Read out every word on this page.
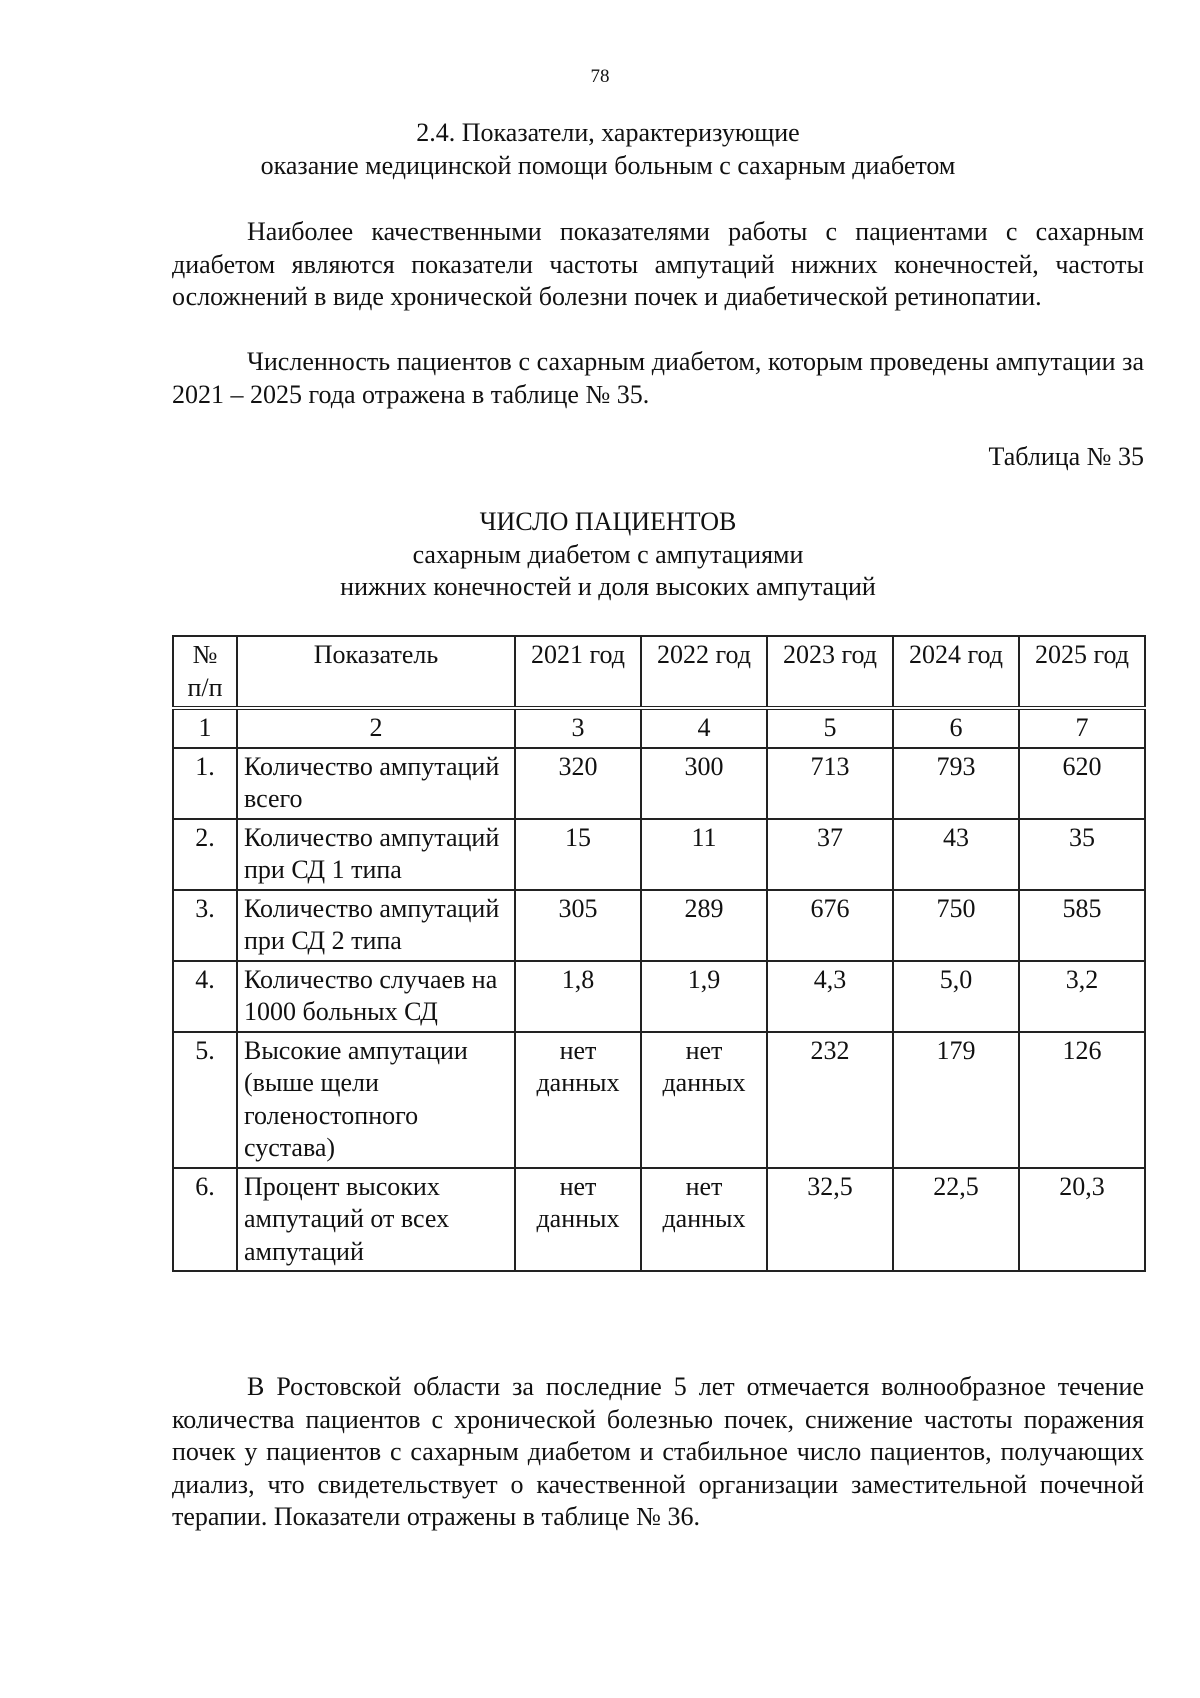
78
2.4. Показатели, характеризующие
оказание медицинской помощи больным с сахарным диабетом

Наиболее качественными показателями работы с пациентами с сахарным диабетом являются показатели частоты ампутаций нижних конечностей, частоты осложнений в виде хронической болезни почек и диабетической ретинопатии.

Численность пациентов с сахарным диабетом, которым проведены ампутации за 2021 – 2025 года отражена в таблице № 35.

Таблица № 35
ЧИСЛО ПАЦИЕНТОВ
сахарным диабетом с ампутациями
нижних конечностей и доля высоких ампутаций
№ п/п	Показатель	2021 год	2022 год	2023 год	2024 год	2025 год
1	2	3	4	5	6	7
1.	Количество ампутаций всего	320	300	713	793	620
2.	Количество ампутаций при СД 1 типа	15	11	37	43	35
3.	Количество ампутаций при СД 2 типа	305	289	676	750	585
4.	Количество случаев на 1000 больных СД	1,8	1,9	4,3	5,0	3,2
5.	Высокие ампутации (выше щели голеностопного сустава)	нет данных	нет данных	232	179	126
6.	Процент высоких ампутаций от всех ампутаций	нет данных	нет данных	32,5	22,5	20,3

В Ростовской области за последние 5 лет отмечается волнообразное течение количества пациентов с хронической болезнью почек, снижение частоты поражения почек у пациентов с сахарным диабетом и стабильное число пациентов, получающих диализ, что свидетельствует о качественной организации заместительной почечной терапии. Показатели отражены в таблице № 36.
